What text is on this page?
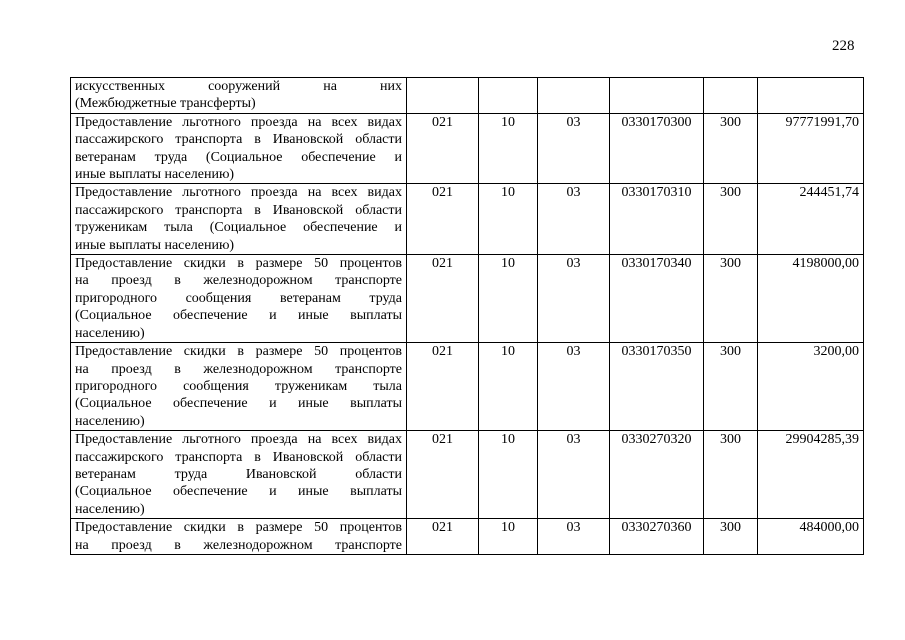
228
искусственных сооружений на них
(Межбюджетные трансферты)						

Предоставление льготного проезда на всех видах
пассажирского транспорта в Ивановской области
ветеранам труда (Социальное обеспечение и
иные выплаты населению)	021	10	03	0330170300	300	97771991,70

Предоставление льготного проезда на всех видах
пассажирского транспорта в Ивановской области
труженикам тыла (Социальное обеспечение и
иные выплаты населению)	021	10	03	0330170310	300	244451,74

Предоставление скидки в размере 50 процентов
на проезд в железнодорожном транспорте
пригородного сообщения ветеранам труда
(Социальное обеспечение и иные выплаты
населению)	021	10	03	0330170340	300	4198000,00

Предоставление скидки в размере 50 процентов
на проезд в железнодорожном транспорте
пригородного сообщения труженикам тыла
(Социальное обеспечение и иные выплаты
населению)	021	10	03	0330170350	300	3200,00

Предоставление льготного проезда на всех видах
пассажирского транспорта в Ивановской области
ветеранам труда Ивановской области
(Социальное обеспечение и иные выплаты
населению)	021	10	03	0330270320	300	29904285,39

Предоставление скидки в размере 50 процентов
на проезд в железнодорожном транспорте	021	10	03	0330270360	300	484000,00
